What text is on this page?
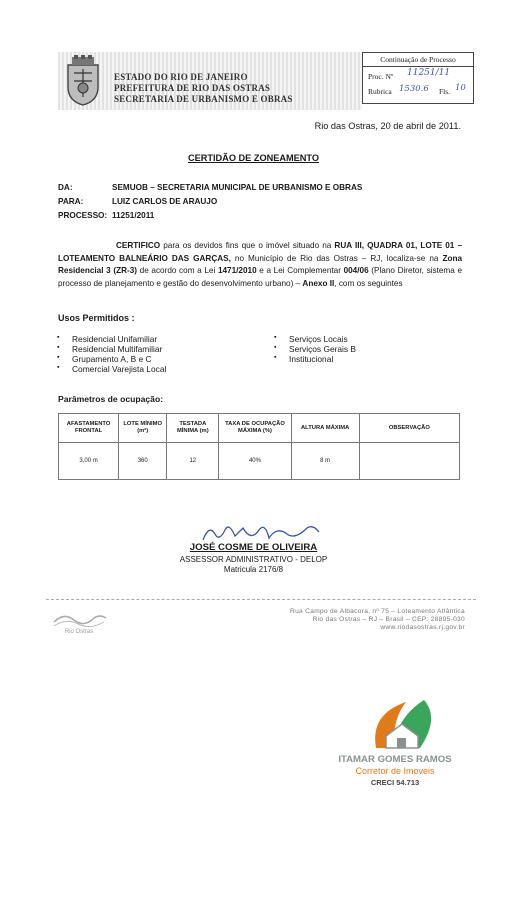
ESTADO DO RIO DE JANEIRO
PREFEITURA DE RIO DAS OSTRAS
SECRETARIA DE URBANISMO E OBRAS
Continuação de Processo
Proc. Nº 11251/11
Rubrica 1530.6 Fls. 10
Rio das Ostras, 20 de abril de 2011.
CERTIDÃO DE ZONEAMENTO
DA:	SEMUOB – SECRETARIA MUNICIPAL DE URBANISMO E OBRAS
PARA:	LUIZ CARLOS DE ARAUJO
PROCESSO: 11251/2011
CERTIFICO para os devidos fins que o imóvel situado na RUA III, QUADRA 01, LOTE 01 – LOTEAMENTO BALNEÁRIO DAS GARÇAS, no Município de Rio das Ostras – RJ, localiza-se na Zona Residencial 3 (ZR-3) de acordo com a Lei 1471/2010 e a Lei Complementar 004/06 (Plano Diretor, sistema e processo de planejamento e gestão do desenvolvimento urbano) – Anexo II, com os seguintes
Usos Permitidos :
▪ Residencial Unifamiliar
▪ Residencial Multifamiliar
▪ Grupamento A, B e C
▪ Comercial Varejista Local
▪ Serviços Locais
▪ Serviços Gerais B
▪ Institucional
Parâmetros de ocupação:
AFASTAMENTO FRONTAL	LOTE MÍNIMO (m²)	TESTADA MÍNIMA (m)	TAXA DE OCUPAÇÃO MÁXIMA (%)	ALTURA MÁXIMA	OBSERVAÇÃO
3,00 m	360	12	40%	8 m	
JOSÉ COSME DE OLIVEIRA
ASSESSOR ADMINISTRATIVO - DELOP
Matricula 2176/8
Rio Ostras
Rua Campo de Albacora, nº 75 – Loteamento Atlântica
Rio das Ostras – RJ – Brasil – CEP: 28895-030
www.riodasostras.rj.gov.br
ITAMAR GOMES RAMOS
Corretor de Imoveis
CRECI 54.713
